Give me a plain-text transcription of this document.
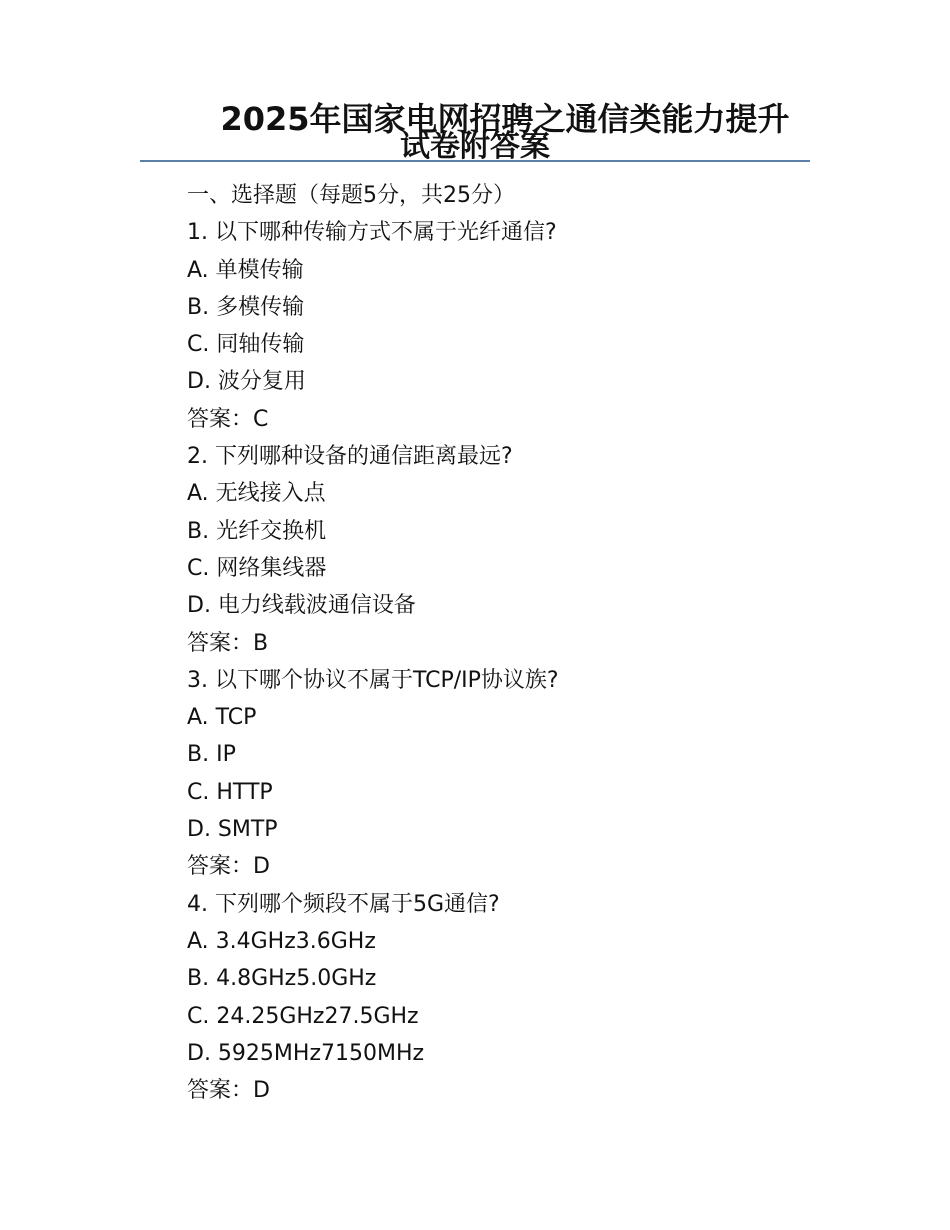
2025年国家电网招聘之通信类能力提升
试卷附答案
一、选择题（每题5分，共25分）
1. 以下哪种传输方式不属于光纤通信?
A. 单模传输
B. 多模传输
C. 同轴传输
D. 波分复用
答案：C
2. 下列哪种设备的通信距离最远?
A. 无线接入点
B. 光纤交换机
C. 网络集线器
D. 电力线载波通信设备
答案：B
3. 以下哪个协议不属于TCP/IP协议族?
A. TCP
B. IP
C. HTTP
D. SMTP
答案：D
4. 下列哪个频段不属于5G通信?
A. 3.4GHz3.6GHz
B. 4.8GHz5.0GHz
C. 24.25GHz27.5GHz
D. 5925MHz7150MHz
答案：D
